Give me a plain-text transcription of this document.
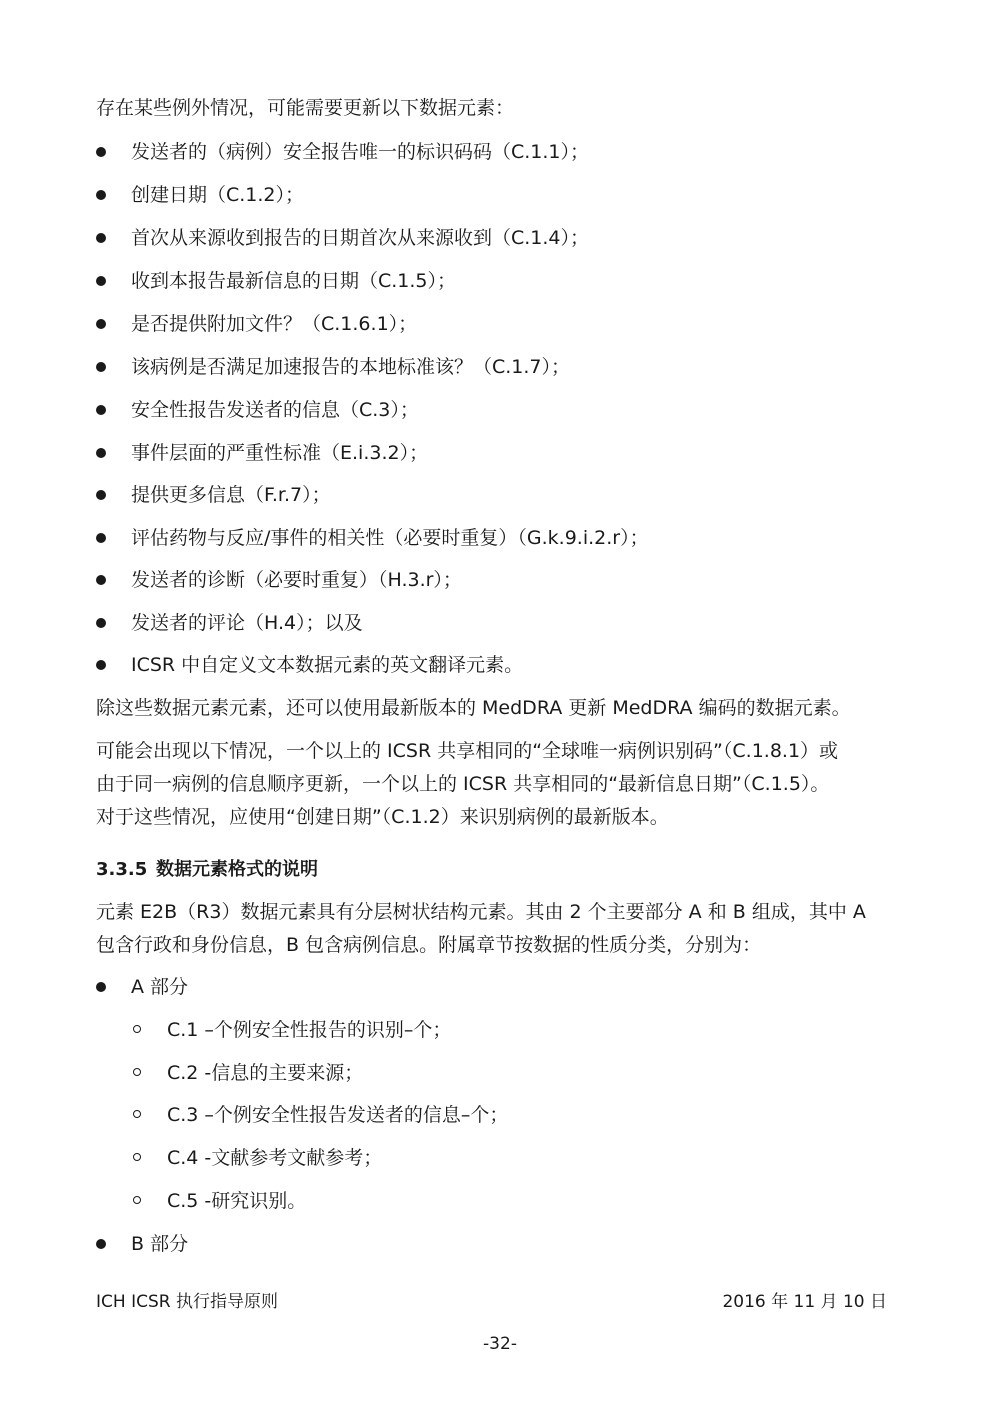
存在某些例外情况，可能需要更新以下数据元素：
发送者的（病例）安全报告唯一的标识码码（C.1.1）；
创建日期（C.1.2）；
首次从来源收到报告的日期首次从来源收到（C.1.4）；
收到本报告最新信息的日期（C.1.5）；
是否提供附加文件？（C.1.6.1）；
该病例是否满足加速报告的本地标准该？（C.1.7）；
安全性报告发送者的信息（C.3）；
事件层面的严重性标准（E.i.3.2）；
提供更多信息（F.r.7）；
评估药物与反应/事件的相关性（必要时重复）（G.k.9.i.2.r）；
发送者的诊断（必要时重复）（H.3.r）；
发送者的评论（H.4）；以及
ICSR 中自定义文本数据元素的英文翻译元素。
除这些数据元素元素，还可以使用最新版本的 MedDRA 更新 MedDRA 编码的数据元素。
可能会出现以下情况，一个以上的 ICSR 共享相同的“全球唯一病例识别码”（C.1.8.1）或
由于同一病例的信息顺序更新，一个以上的 ICSR 共享相同的“最新信息日期”（C.1.5）。
对于这些情况，应使用“创建日期”（C.1.2）来识别病例的最新版本。
3.3.5 数据元素格式的说明
元素 E2B（R3）数据元素具有分层树状结构元素。其由 2 个主要部分 A 和 B 组成，其中 A
包含行政和身份信息，B 包含病例信息。附属章节按数据的性质分类，分别为：
A 部分
C.1 –个例安全性报告的识别–个；
C.2 -信息的主要来源；
C.3 –个例安全性报告发送者的信息–个；
C.4 -文献参考文献参考；
C.5 -研究识别。
B 部分
ICH ICSR 执行指导原则	2016 年 11 月 10 日
-32-
